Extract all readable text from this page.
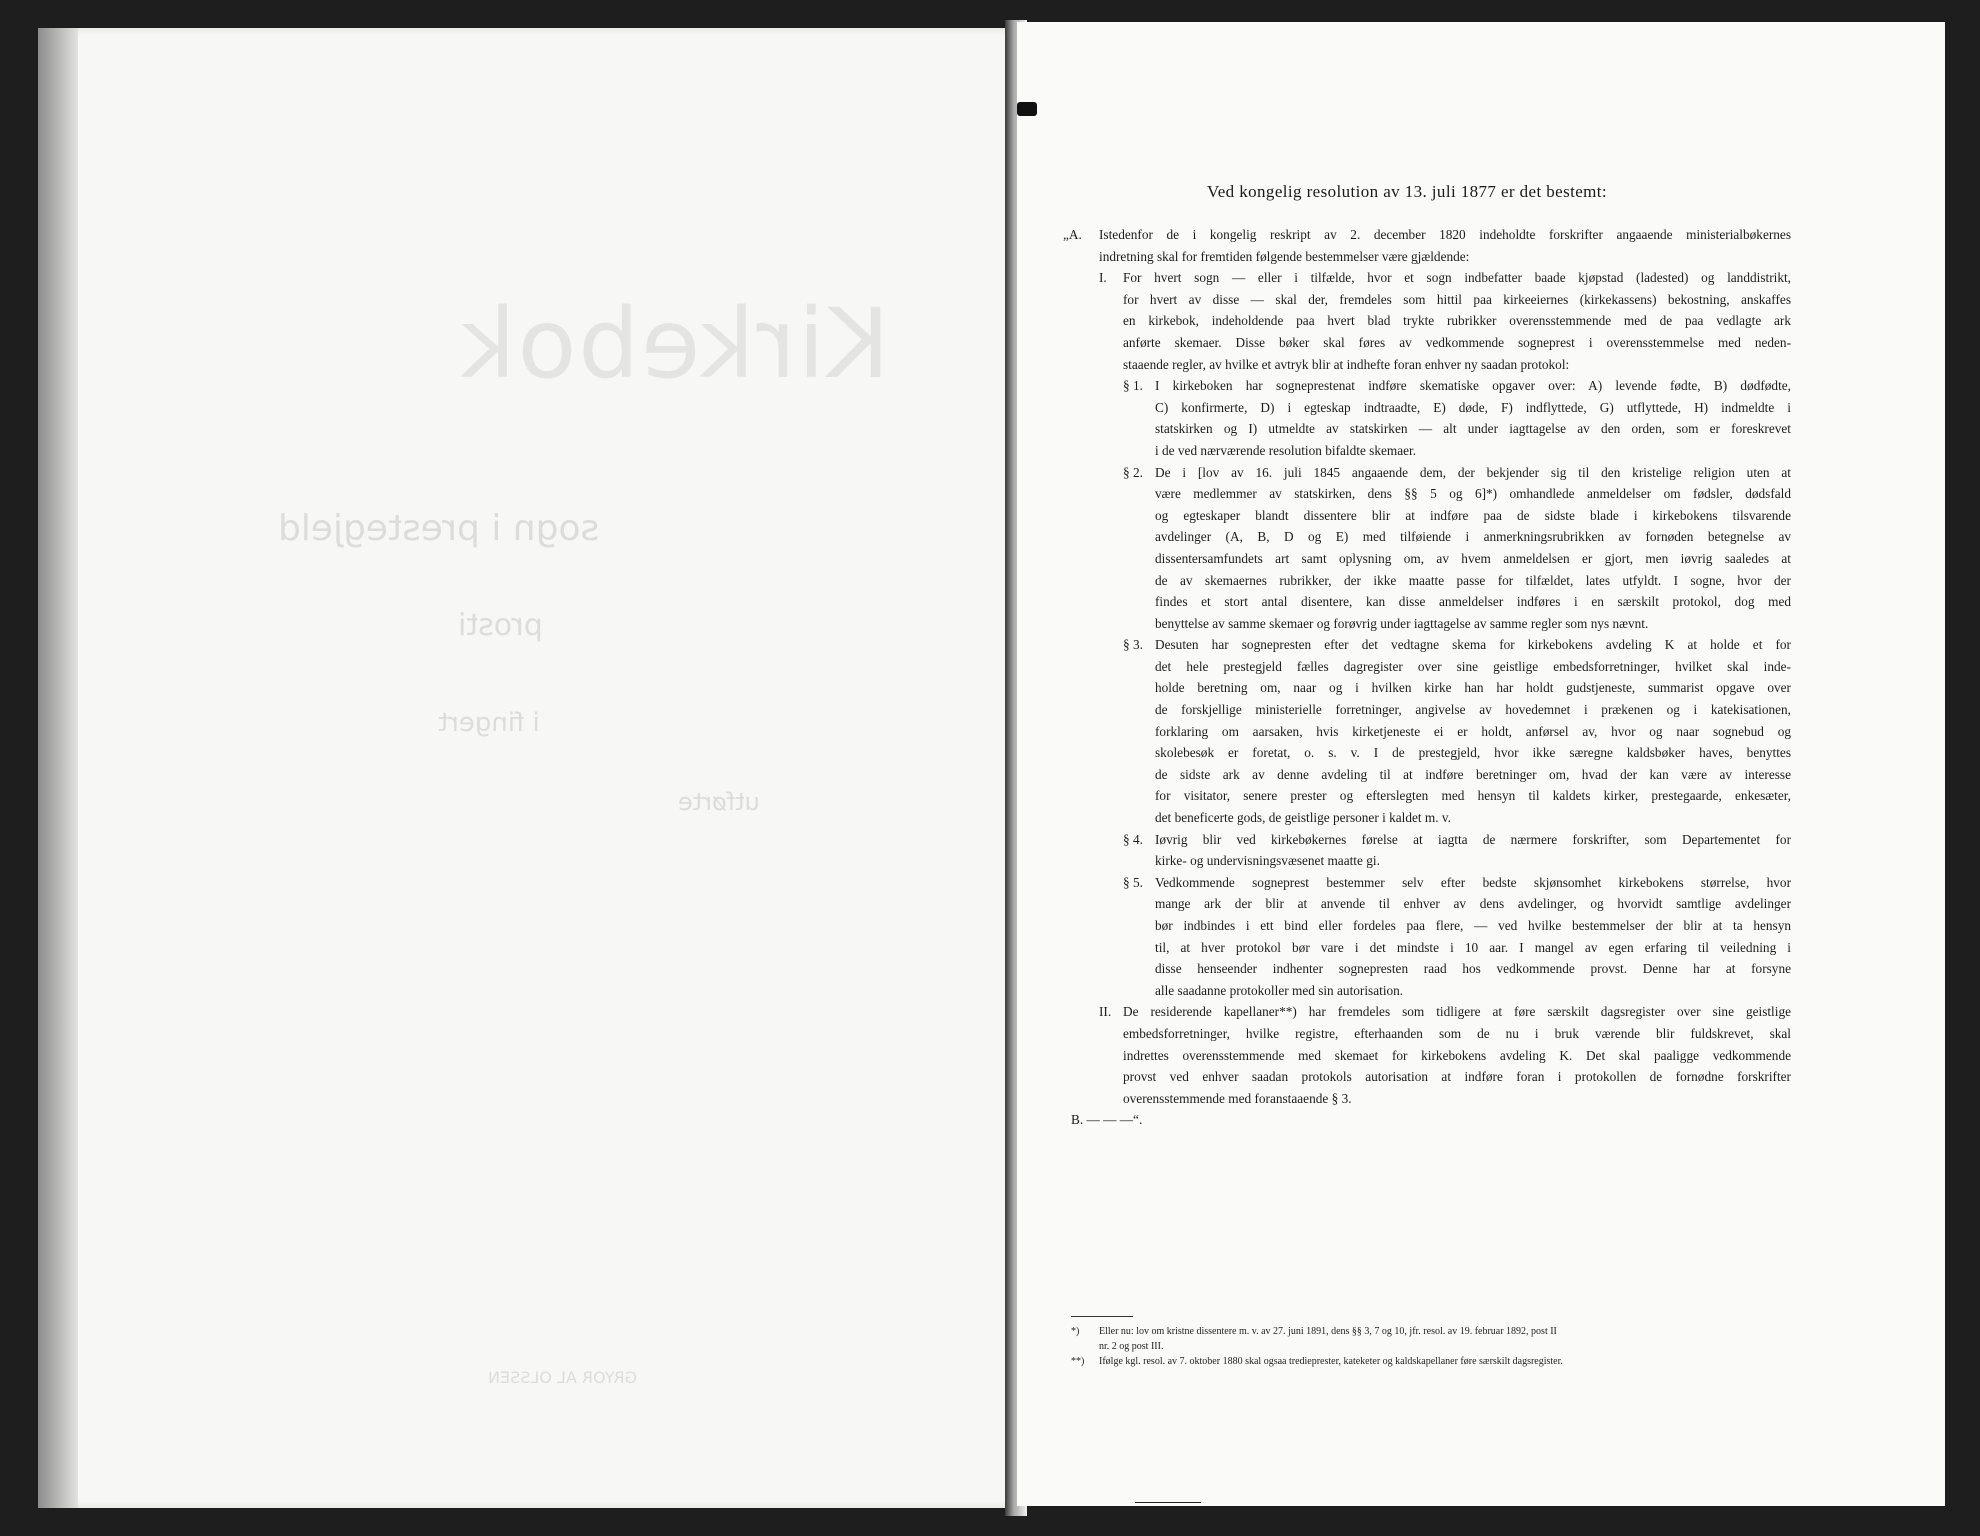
Kirkebok
sogn i prestegjeld
prosti
i fingert
utførte
GRYOR AL OLSSEN
Ved kongelig resolution av 13. juli 1877 er det bestemt:
„A. Istedenfor de i kongelig reskript av 2. december 1820 indeholdte forskrifter angaaende ministerialbøkernes
indretning skal for fremtiden følgende bestemmelser være gjældende:
I. For hvert sogn — eller i tilfælde, hvor et sogn indbefatter baade kjøpstad (ladested) og landdistrikt,
for hvert av disse — skal der, fremdeles som hittil paa kirkeeiernes (kirkekassens) bekostning, anskaffes
en kirkebok, indeholdende paa hvert blad trykte rubrikker overensstemmende med de paa vedlagte ark
anførte skemaer. Disse bøker skal føres av vedkommende sogneprest i overensstemmelse med neden-
staaende regler, av hvilke et avtryk blir at indhefte foran enhver ny saadan protokol:
§ 1. I kirkeboken har sogneprestenat indføre skematiske opgaver over: A) levende fødte, B) dødfødte,
C) konfirmerte, D) i egteskap indtraadte, E) døde, F) indflyttede, G) utflyttede, H) indmeldte i
statskirken og I) utmeldte av statskirken — alt under iagttagelse av den orden, som er foreskrevet
i de ved nærværende resolution bifaldte skemaer.
§ 2. De i [lov av 16. juli 1845 angaaende dem, der bekjender sig til den kristelige religion uten at
være medlemmer av statskirken, dens §§ 5 og 6]*) omhandlede anmeldelser om fødsler, dødsfald
og egteskaper blandt dissentere blir at indføre paa de sidste blade i kirkebokens tilsvarende
avdelinger (A, B, D og E) med tilføiende i anmerkningsrubrikken av fornøden betegnelse av
dissentersamfundets art samt oplysning om, av hvem anmeldelsen er gjort, men iøvrig saaledes at
de av skemaernes rubrikker, der ikke maatte passe for tilfældet, lates utfyldt. I sogne, hvor der
findes et stort antal disentere, kan disse anmeldelser indføres i en særskilt protokol, dog med
benyttelse av samme skemaer og forøvrig under iagttagelse av samme regler som nys nævnt.
§ 3. Desuten har sognepresten efter det vedtagne skema for kirkebokens avdeling K at holde et for
det hele prestegjeld fælles dagregister over sine geistlige embedsforretninger, hvilket skal inde-
holde beretning om, naar og i hvilken kirke han har holdt gudstjeneste, summarist opgave over
de forskjellige ministerielle forretninger, angivelse av hovedemnet i prækenen og i katekisationen,
forklaring om aarsaken, hvis kirketjeneste ei er holdt, anførsel av, hvor og naar sognebud og
skolebesøk er foretat, o. s. v. I de prestegjeld, hvor ikke særegne kaldsbøker haves, benyttes
de sidste ark av denne avdeling til at indføre beretninger om, hvad der kan være av interesse
for visitator, senere prester og efterslegten med hensyn til kaldets kirker, prestegaarde, enkesæter,
det beneficerte gods, de geistlige personer i kaldet m. v.
§ 4. Iøvrig blir ved kirkebøkernes førelse at iagtta de nærmere forskrifter, som Departementet for
kirke- og undervisningsvæsenet maatte gi.
§ 5. Vedkommende sogneprest bestemmer selv efter bedste skjønsomhet kirkebokens størrelse, hvor
mange ark der blir at anvende til enhver av dens avdelinger, og hvorvidt samtlige avdelinger
bør indbindes i ett bind eller fordeles paa flere, — ved hvilke bestemmelser der blir at ta hensyn
til, at hver protokol bør vare i det mindste i 10 aar. I mangel av egen erfaring til veiledning i
disse henseender indhenter sognepresten raad hos vedkommende provst. Denne har at forsyne
alle saadanne protokoller med sin autorisation.
II. De residerende kapellaner**) har fremdeles som tidligere at føre særskilt dagsregister over sine geistlige
embedsforretninger, hvilke registre, efterhaanden som de nu i bruk værende blir fuldskrevet, skal
indrettes overensstemmende med skemaet for kirkebokens avdeling K. Det skal paaligge vedkommende
provst ved enhver saadan protokols autorisation at indføre foran i protokollen de fornødne forskrifter
overensstemmende med foranstaaende § 3.
B. — — —“.
*) Eller nu: lov om kristne dissentere m. v. av 27. juni 1891, dens §§ 3, 7 og 10, jfr. resol. av 19. februar 1892, post II
nr. 2 og post III.
**) Ifølge kgl. resol. av 7. oktober 1880 skal ogsaa tredieprester, kateketer og kaldskapellaner føre særskilt dagsregister.
